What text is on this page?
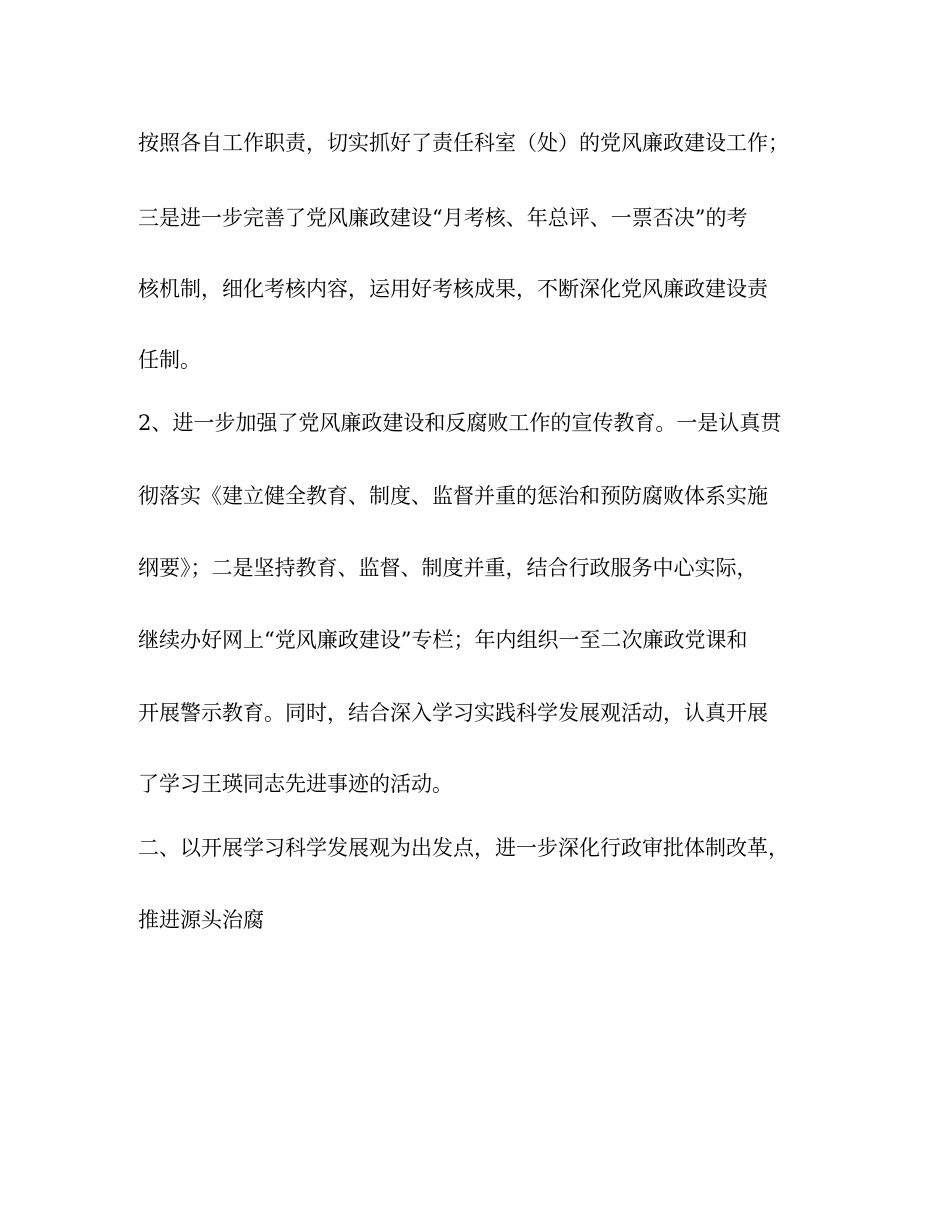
按照各自工作职责，切实抓好了责任科室（处）的党风廉政建设工作；

三是进一步完善了党风廉政建设“月考核、年总评、一票否决”的考

核机制，细化考核内容，运用好考核成果，不断深化党风廉政建设责

任制。

2、进一步加强了党风廉政建设和反腐败工作的宣传教育。一是认真贯

彻落实《建立健全教育、制度、监督并重的惩治和预防腐败体系实施

纲要》；二是坚持教育、监督、制度并重，结合行政服务中心实际，

继续办好网上“党风廉政建设”专栏；年内组织一至二次廉政党课和

开展警示教育。同时，结合深入学习实践科学发展观活动，认真开展

了学习王瑛同志先进事迹的活动。

二、以开展学习科学发展观为出发点，进一步深化行政审批体制改革，

推进源头治腐
